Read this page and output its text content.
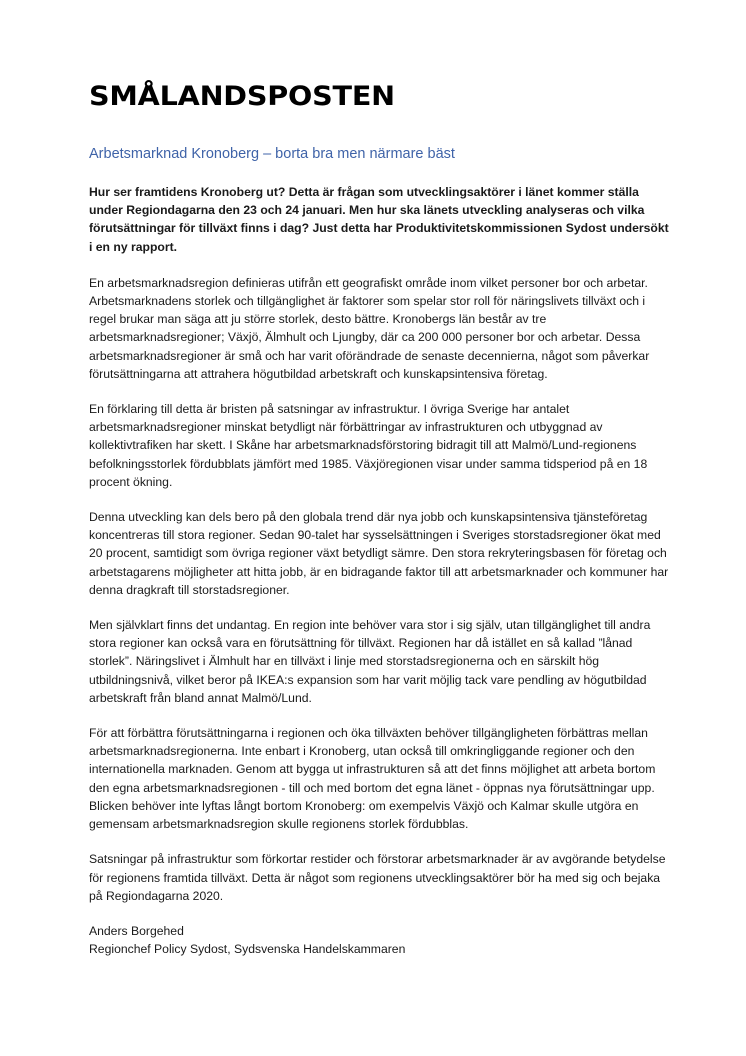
SMÅLANDSPOSTEN
Arbetsmarknad Kronoberg – borta bra men närmare bäst

Hur ser framtidens Kronoberg ut? Detta är frågan som utvecklingsaktörer i länet kommer ställa under Regiondagarna den 23 och 24 januari. Men hur ska länets utveckling analyseras och vilka förutsättningar för tillväxt finns i dag? Just detta har Produktivitetskommissionen Sydost undersökt i en ny rapport.

En arbetsmarknadsregion definieras utifrån ett geografiskt område inom vilket personer bor och arbetar. Arbetsmarknadens storlek och tillgänglighet är faktorer som spelar stor roll för näringslivets tillväxt och i regel brukar man säga att ju större storlek, desto bättre. Kronobergs län består av tre arbetsmarknadsregioner; Växjö, Älmhult och Ljungby, där ca 200 000 personer bor och arbetar. Dessa arbetsmarknadsregioner är små och har varit oförändrade de senaste decennierna, något som påverkar förutsättningarna att attrahera högutbildad arbetskraft och kunskapsintensiva företag.

En förklaring till detta är bristen på satsningar av infrastruktur. I övriga Sverige har antalet arbetsmarknadsregioner minskat betydligt när förbättringar av infrastrukturen och utbyggnad av kollektivtrafiken har skett. I Skåne har arbetsmarknadsförstoring bidragit till att Malmö/Lund-regionens befolkningsstorlek fördubblats jämfört med 1985. Växjöregionen visar under samma tidsperiod på en 18 procent ökning.

Denna utveckling kan dels bero på den globala trend där nya jobb och kunskapsintensiva tjänsteföretag koncentreras till stora regioner. Sedan 90-talet har sysselsättningen i Sveriges storstadsregioner ökat med 20 procent, samtidigt som övriga regioner växt betydligt sämre. Den stora rekryteringsbasen för företag och arbetstagarens möjligheter att hitta jobb, är en bidragande faktor till att arbetsmarknader och kommuner har denna dragkraft till storstadsregioner.

Men självklart finns det undantag. En region inte behöver vara stor i sig själv, utan tillgänglighet till andra stora regioner kan också vara en förutsättning för tillväxt. Regionen har då istället en så kallad ”lånad storlek”. Näringslivet i Älmhult har en tillväxt i linje med storstadsregionerna och en särskilt hög utbildningsnivå, vilket beror på IKEA:s expansion som har varit möjlig tack vare pendling av högutbildad arbetskraft från bland annat Malmö/Lund.

För att förbättra förutsättningarna i regionen och öka tillväxten behöver tillgängligheten förbättras mellan arbetsmarknadsregionerna. Inte enbart i Kronoberg, utan också till omkringliggande regioner och den internationella marknaden. Genom att bygga ut infrastrukturen så att det finns möjlighet att arbeta bortom den egna arbetsmarknadsregionen - till och med bortom det egna länet - öppnas nya förutsättningar upp. Blicken behöver inte lyftas långt bortom Kronoberg: om exempelvis Växjö och Kalmar skulle utgöra en gemensam arbetsmarknadsregion skulle regionens storlek fördubblas.

Satsningar på infrastruktur som förkortar restider och förstorar arbetsmarknader är av avgörande betydelse för regionens framtida tillväxt. Detta är något som regionens utvecklingsaktörer bör ha med sig och bejaka på Regiondagarna 2020.

Anders Borgehed
Regionchef Policy Sydost, Sydsvenska Handelskammaren
